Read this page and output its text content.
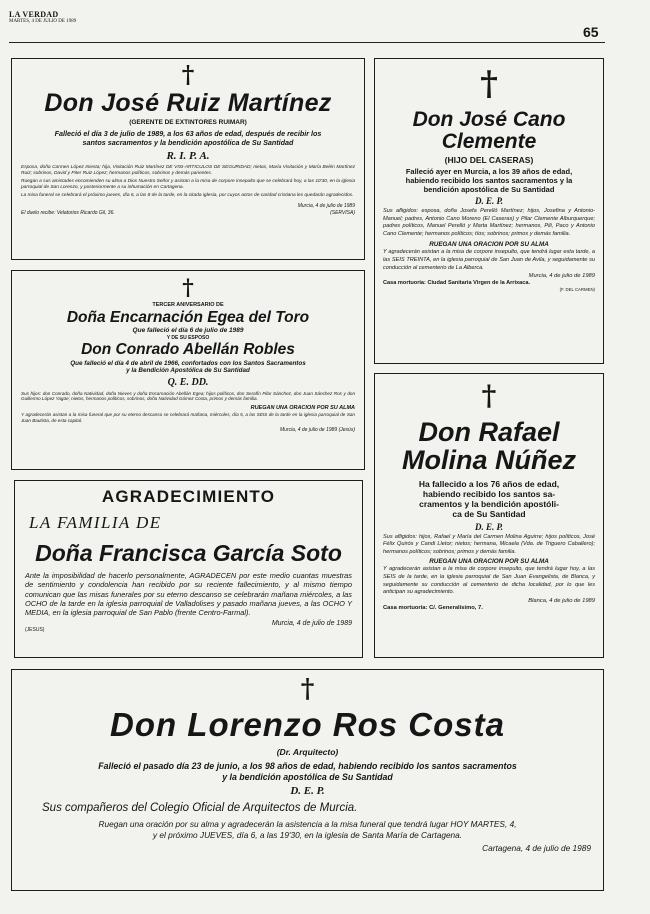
LA VERDAD
MARTES, 4 DE JULIO DE 1989
65
†
Don José Ruiz Martínez
(GERENTE DE EXTINTORES RUIMAR)
Falleció el día 3 de julio de 1989, a los 63 años de edad, después de recibir los
santos sacramentos y la bendición apostólica de Su Santidad
R. I. P. A.
Esposa, doña Carmen López Iniesta; hija, Visitación Ruiz Martínez DE VISI-ARTICULOS DE SEGURIDAD; nietas, María Visitación y María Belén Martínez Ruiz; sobrinos, David y Piter Ruiz López; hermanos políticos, sobrinos y demás parientes.
Ruegan a sus amistades encomienden su alma a Dios Nuestro Señor y asistan a la misa de corpore insepulto que se celebrará hoy, a las 10'30, en la iglesia parroquial de San Lorenzo, y posteriormente a su inhumación en Cartagena.
La misa funeral se celebrará el próximo jueves, día 6, a las 8 de la tarde, en la citada iglesia, por cuyos actos de caridad cristiana les quedarán agradecidos.
Murcia, 4 de julio de 1989
El duelo recibe: Velatorios Ricardo Gil, 36.	(SERVISA)
†
TERCER ANIVERSARIO DE
Doña Encarnación Egea del Toro
Que falleció el día 6 de julio de 1989
Y DE SU ESPOSO
Don Conrado Abellán Robles
Que falleció el día 4 de abril de 1966, confortados con los Santos Sacramentos
y la Bendición Apostólica de Su Santidad
Q. E. DD.
Sus hijos: don Conrado, doña Natividad, doña Nieves y doña Encarnación Abellán Egea; hijos políticos, don Serafín Pilar Sánchez, don Juan Sánchez Ros y don Guillermo López Yagüe; nietos, hermanos políticos, sobrinos, doña Natividad Gómez Costa, primos y demás familia.
RUEGAN UNA ORACION POR SU ALMA
Y agradecerán asistan a la misa funeral que por su eterno descanso se celebrará mañana, miércoles, día 5, a las SEIS de la tarde en la iglesia parroquial de San Juan Bautista, de esta capital.
Murcia, 4 de julio de 1989 (Jesús)
AGRADECIMIENTO
LA FAMILIA DE
Doña Francisca García Soto
Ante la imposibilidad de hacerlo personalmente, AGRADECEN por este medio cuantas muestras de sentimiento y condolencia han recibido por su reciente fallecimiento, y al mismo tiempo comunican que las misas funerales por su eterno descanso se celebrarán mañana miércoles, a las OCHO de la tarde en la iglesia parroquial de Valladolises y pasado mañana jueves, a las OCHO Y MEDIA, en la iglesia parroquial de San Pablo (frente Centro-Farmal).
Murcia, 4 de julio de 1989
(JESUS)
†
Don José Cano
Clemente
(HIJO DEL CASERAS)
Falleció ayer en Murcia, a los 39 años de edad,
habiendo recibido los santos sacramentos y la
bendición apostólica de Su Santidad
D. E. P.
Sus afligidos: esposa, doña Josefa Perelló Martínez; hijos, Josefina y Antonio-Manuel; padres, Antonio Cano Moreno (El Caseras) y Pilar Clemente Alburquerque; padres políticos, Manuel Perelló y Marta Martínez; hermanos, Pili, Paco y Antonio Cano Clemente; hermanos políticos; tíos; sobrinos; primos y demás familia.
RUEGAN UNA ORACION POR SU ALMA
Y agradecerán asistan a la misa de corpore insepulto, que tendrá lugar esta tarde, a las SEIS TREINTA, en la iglesia parroquial de San Juan de Avila, y seguidamente su conducción al cementerio de La Alberca.
Murcia, 4 de julio de 1989
Casa mortuoria: Ciudad Sanitaria Virgen de la Arrixaca.
(F. DEL CARMEN)
†
Don Rafael
Molina Núñez
Ha fallecido a los 76 años de edad,
habiendo recibido los santos sa-
cramentos y la bendición apostóli-
ca de Su Santidad
D. E. P.
Sus afligidos: hijos, Rafael y María del Carmen Molina Aguirre; hijos políticos, José Félix Quirós y Candi Lletor; nietos; hermana, Micaela (Vda. de Triguero Caballero); hermanos políticos; sobrinos; primos y demás familia.
RUEGAN UNA ORACION POR SU ALMA
Y agradecerán asistan a la misa de corpore insepulto, que tendrá lugar hoy, a las SEIS de la tarde, en la iglesia parroquial de San Juan Evangelista, de Blanca, y seguidamente su conducción al cementerio de dicha localidad, por lo que les anticipan su agradecimiento.
Blanca, 4 de julio de 1989
Casa mortuoria: C/. Generalísimo, 7.
†
Don Lorenzo Ros Costa
(Dr. Arquitecto)
Falleció el pasado día 23 de junio, a los 98 años de edad, habiendo recibido los santos sacramentos
y la bendición apostólica de Su Santidad
D. E. P.
Sus compañeros del Colegio Oficial de Arquitectos de Murcia.
Ruegan una oración por su alma y agradecerán la asistencia a la misa funeral que tendrá lugar HOY MARTES, 4,
y el próximo JUEVES, día 6, a las 19'30, en la iglesia de Santa María de Cartagena.
Cartagena, 4 de julio de 1989
